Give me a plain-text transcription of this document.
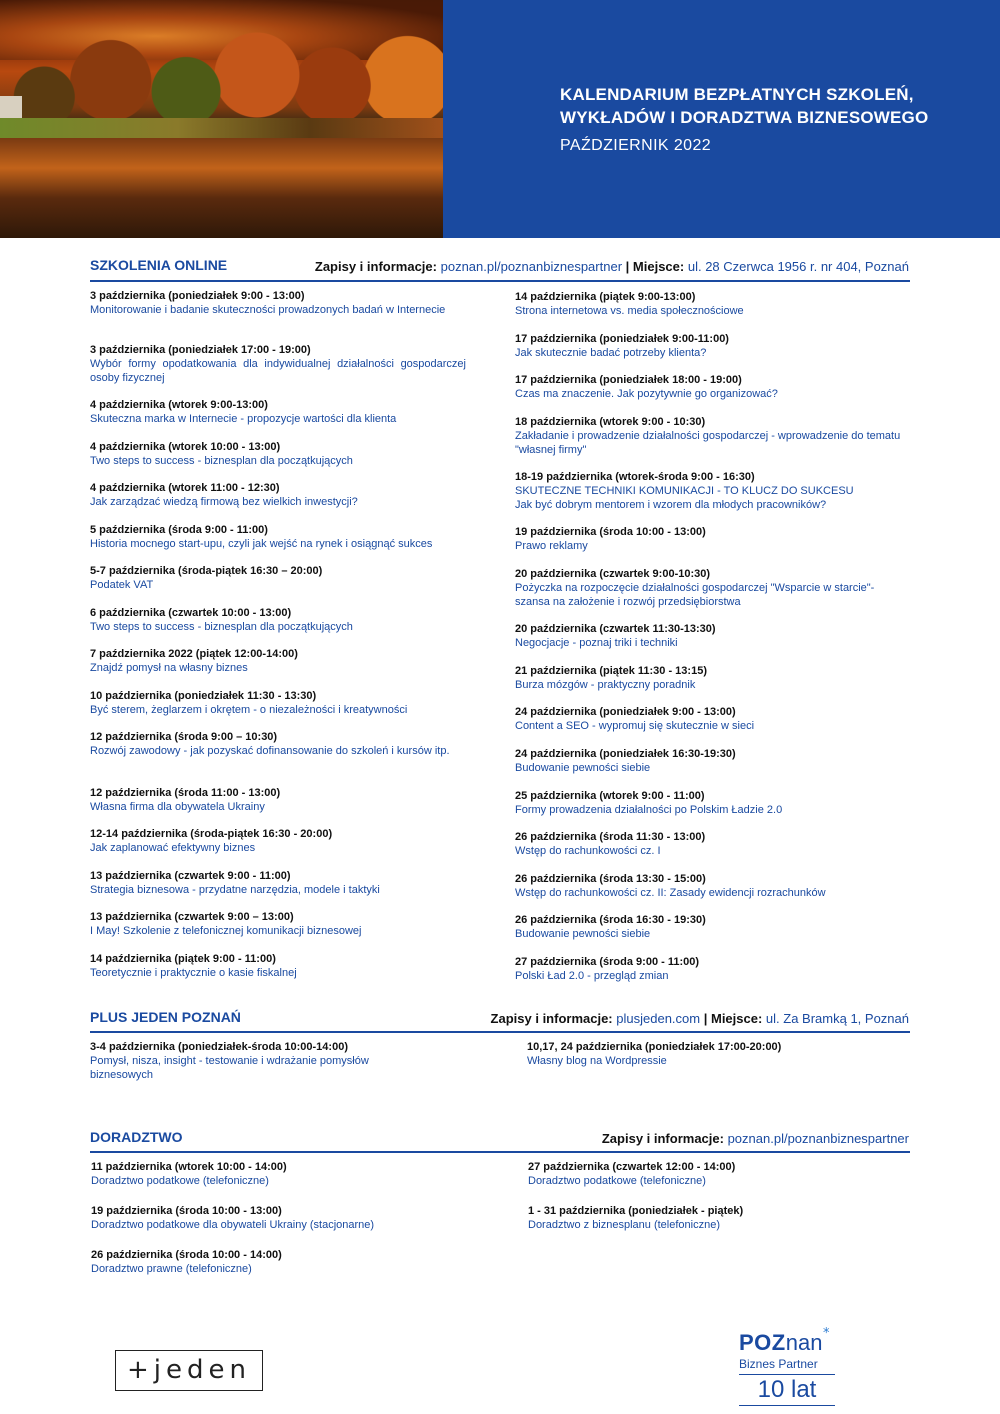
KALENDARIUM BEZPŁATNYCH SZKOLEŃ,
WYKŁADÓW I DORADZTWA BIZNESOWEGO
PAŹDZIERNIK 2022
SZKOLENIA ONLINE	Zapisy i informacje: poznan.pl/poznanbiznespartner | Miejsce: ul. 28 Czerwca 1956 r. nr 404, Poznań
PLUS JEDEN POZNAŃ	Zapisy i informacje: plusjeden.com | Miejsce: ul. Za Bramką 1, Poznań
DORADZTWO	Zapisy i informacje: poznan.pl/poznanbiznespartner
+jeden
POZnan *
Biznes Partner
10 lat
3 października (poniedziałek 9:00 - 13:00)
Monitorowanie i badanie skuteczności prowadzonych badań w Internecie
3 października (poniedziałek 17:00 - 19:00)
Wybór formy opodatkowania dla indywidualnej działalności gospodarczej osoby fizycznej
4 października (wtorek 9:00-13:00)
Skuteczna marka w Internecie - propozycje wartości dla klienta
4 października (wtorek 10:00 - 13:00)
Two steps to success - biznesplan dla początkujących
4 października (wtorek 11:00 - 12:30)
Jak zarządzać wiedzą firmową bez wielkich inwestycji?
5 października (środa 9:00 - 11:00)
Historia mocnego start-upu, czyli jak wejść na rynek i osiągnąć sukces
5-7 października (środa-piątek 16:30 – 20:00)
Podatek VAT
6 października (czwartek 10:00 - 13:00)
Two steps to success - biznesplan dla początkujących
7 października 2022 (piątek 12:00-14:00)
Znajdź pomysł na własny biznes
10 października (poniedziałek 11:30 - 13:30)
Być sterem, żeglarzem i okrętem - o niezależności i kreatywności
12 października (środa 9:00 – 10:30)
Rozwój zawodowy - jak pozyskać dofinansowanie do szkoleń i kursów itp.
12 października (środa 11:00 - 13:00)
Własna firma dla obywatela Ukrainy
12-14 października (środa-piątek 16:30 - 20:00)
Jak zaplanować efektywny biznes
13 października (czwartek 9:00 - 11:00)
Strategia biznesowa - przydatne narzędzia, modele i taktyki
13 października (czwartek 9:00 – 13:00)
I May! Szkolenie z telefonicznej komunikacji biznesowej
14 października (piątek 9:00 - 11:00)
Teoretycznie i praktycznie o kasie fiskalnej
14 października (piątek 9:00-13:00)
Strona internetowa vs. media społecznościowe
17 października (poniedziałek 9:00-11:00)
Jak skutecznie badać potrzeby klienta?
17 października (poniedziałek 18:00 - 19:00)
Czas ma znaczenie. Jak pozytywnie go organizować?
18 października (wtorek 9:00 - 10:30)
Zakładanie i prowadzenie działalności gospodarczej - wprowadzenie do tematu "własnej firmy"
18-19 października (wtorek-środa 9:00 - 16:30)
SKUTECZNE TECHNIKI KOMUNIKACJI - TO KLUCZ DO SUKCESU
Jak być dobrym mentorem i wzorem dla młodych pracowników?
19 października (środa 10:00 - 13:00)
Prawo reklamy
20 października (czwartek 9:00-10:30)
Pożyczka na rozpoczęcie działalności gospodarczej "Wsparcie w starcie"- szansa na założenie i rozwój przedsiębiorstwa
20 października (czwartek 11:30-13:30)
Negocjacje - poznaj triki i techniki
21 października (piątek 11:30 - 13:15)
Burza mózgów - praktyczny poradnik
24 października (poniedziałek 9:00 - 13:00)
Content a SEO - wypromuj się skutecznie w sieci
24 października (poniedziałek 16:30-19:30)
Budowanie pewności siebie
25 października (wtorek 9:00 - 11:00)
Formy prowadzenia działalności po Polskim Ładzie 2.0
26 października (środa 11:30 - 13:00)
Wstęp do rachunkowości cz. I
26 października (środa 13:30 - 15:00)
Wstęp do rachunkowości cz. II: Zasady ewidencji rozrachunków
26 października (środa 16:30 - 19:30)
Budowanie pewności siebie
27 października (środa 9:00 - 11:00)
Polski Ład 2.0 - przegląd zmian
3-4 października (poniedziałek-środa 10:00-14:00)
Pomysł, nisza, insight - testowanie i wdrażanie pomysłów biznesowych
10,17, 24 października (poniedziałek 17:00-20:00)
Własny blog na Wordpressie
11 października (wtorek 10:00 - 14:00)
Doradztwo podatkowe (telefoniczne)
19 października (środa 10:00 - 13:00)
Doradztwo podatkowe dla obywateli Ukrainy (stacjonarne)
26 października (środa 10:00 - 14:00)
Doradztwo prawne (telefoniczne)
27 października (czwartek 12:00 - 14:00)
Doradztwo podatkowe (telefoniczne)
1 - 31 października (poniedziałek - piątek)
Doradztwo z biznesplanu (telefoniczne)
